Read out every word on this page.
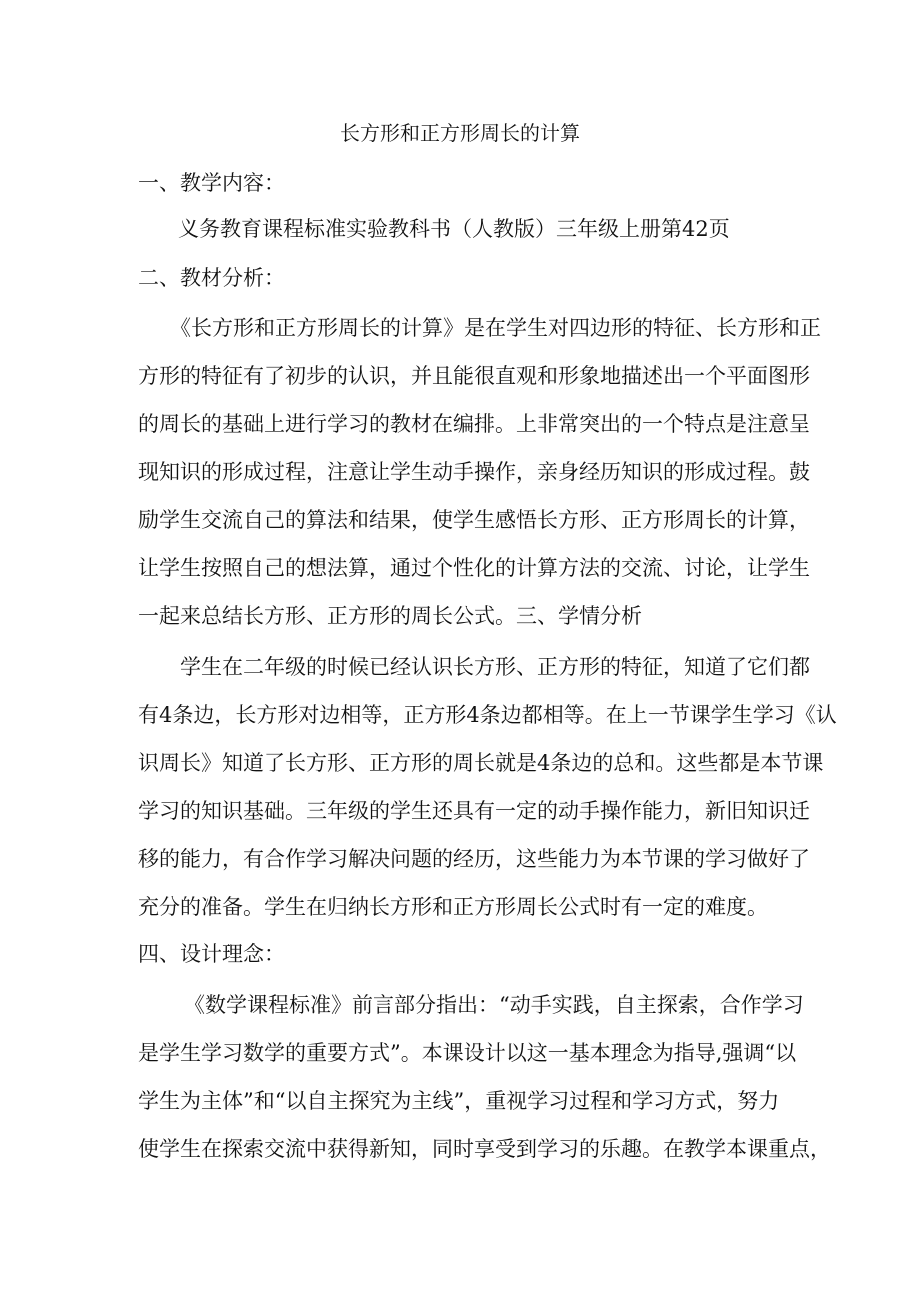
长方形和正方形周长的计算
一、教学内容：
义务教育课程标准实验教科书（人教版）三年级上册第42页
二、教材分析：
《长方形和正方形周长的计算》是在学生对四边形的特征、长方形和正
方形的特征有了初步的认识，并且能很直观和形象地描述出一个平面图形
的周长的基础上进行学习的教材在编排。上非常突出的一个特点是注意呈
现知识的形成过程，注意让学生动手操作，亲身经历知识的形成过程。鼓
励学生交流自己的算法和结果，使学生感悟长方形、正方形周长的计算，
让学生按照自己的想法算，通过个性化的计算方法的交流、讨论，让学生
一起来总结长方形、正方形的周长公式。三、学情分析
学生在二年级的时候已经认识长方形、正方形的特征，知道了它们都
有4条边，长方形对边相等，正方形4条边都相等。在上一节课学生学习《认
识周长》知道了长方形、正方形的周长就是4条边的总和。这些都是本节课
学习的知识基础。三年级的学生还具有一定的动手操作能力，新旧知识迁
移的能力，有合作学习解决问题的经历，这些能力为本节课的学习做好了
充分的准备。学生在归纳长方形和正方形周长公式时有一定的难度。
四、设计理念：
《数学课程标准》前言部分指出：“动手实践，自主探索，合作学习
是学生学习数学的重要方式”。本课设计以这一基本理念为指导,强调“以
学生为主体”和“以自主探究为主线”，重视学习过程和学习方式，努力
使学生在探索交流中获得新知，同时享受到学习的乐趣。在教学本课重点，
